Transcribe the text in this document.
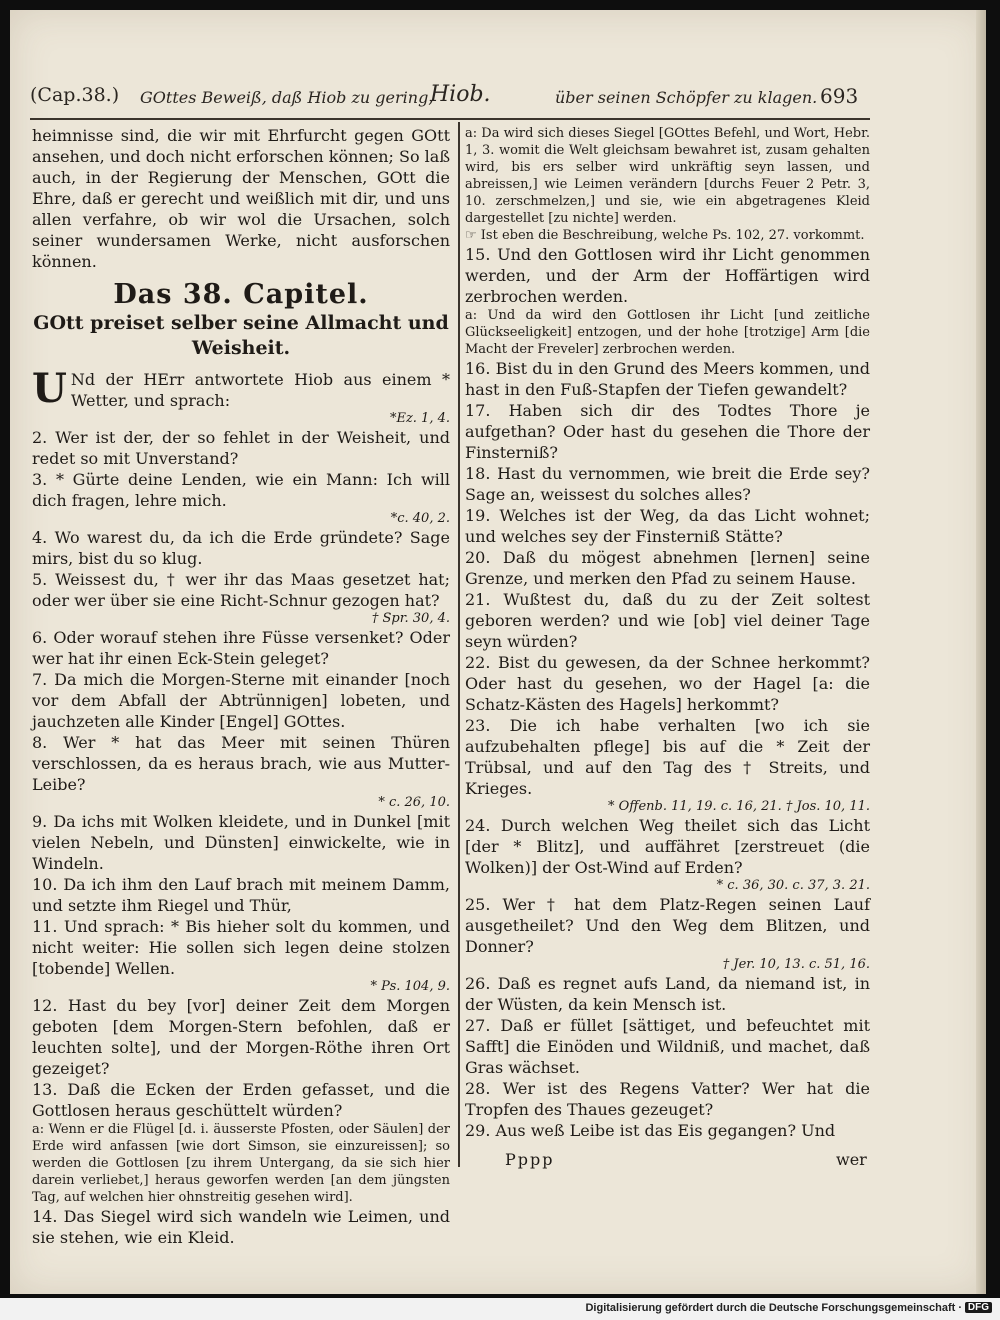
(Cap.38.) GOttes Beweiß, daß Hiob zu gering,
Hiob.	über seinen Schöpfer zu klagen. 693

heimnisse sind, die wir mit Ehrfurcht gegen GOtt ansehen, und doch nicht erforschen können; So laß auch, in der Regierung der Menschen, GOtt die Ehre, daß er gerecht und weißlich mit dir, und uns allen verfahre, ob wir wol die Ursachen, solch seiner wundersamen Werke, nicht ausforschen können.

Das 38. Capitel.
GOtt preiset selber seine Allmacht und Weisheit.

U Nd der HErr antwortete Hiob aus einem * Wetter, und sprach:

*Ez. 1, 4.

2. Wer ist der, der so fehlet in der Weisheit, und redet so mit Unverstand?

3. * Gürte deine Lenden, wie ein Mann: Ich will dich fragen, lehre mich.

*c. 40, 2.

4. Wo warest du, da ich die Erde gründete? Sage mirs, bist du so klug.

5. Weissest du, † wer ihr das Maas gesetzet hat; oder wer über sie eine Richt-Schnur gezogen hat?

† Spr. 30, 4.

6. Oder worauf stehen ihre Füsse versenket? Oder wer hat ihr einen Eck-Stein geleget?

7. Da mich die Morgen-Sterne mit einander [noch vor dem Abfall der Abtrünnigen] lobeten, und jauchzeten alle Kinder [Engel] GOttes.

8. Wer * hat das Meer mit seinen Thüren verschlossen, da es heraus brach, wie aus Mutter-Leibe?

* c. 26, 10.

9. Da ichs mit Wolken kleidete, und in Dunkel [mit vielen Nebeln, und Dünsten] einwickelte, wie in Windeln.

10. Da ich ihm den Lauf brach mit meinem Damm, und setzte ihm Riegel und Thür,

11. Und sprach: * Bis hieher solt du kommen, und nicht weiter: Hie sollen sich legen deine stolzen [tobende] Wellen.

* Ps. 104, 9.

12. Hast du bey [vor] deiner Zeit dem Morgen geboten [dem Morgen-Stern befohlen, daß er leuchten solte], und der Morgen-Röthe ihren Ort gezeiget?

13. Daß die Ecken der Erden gefasset, und die Gottlosen heraus geschüttelt würden?

a: Wenn er die Flügel [d. i. äusserste Pfosten, oder Säulen] der Erde wird anfassen [wie dort Simson, sie einzureissen]; so werden die Gottlosen [zu ihrem Untergang, da sie sich hier darein verliebet,] heraus geworfen werden [an dem jüngsten Tag, auf welchen hier ohnstreitig gesehen wird].

14. Das Siegel wird sich wandeln wie Leimen, und sie stehen, wie ein Kleid.

a: Da wird sich dieses Siegel [GOttes Befehl, und Wort, Hebr. 1, 3. womit die Welt gleichsam bewahret ist, zusam gehalten wird, bis ers selber wird unkräftig seyn lassen, und abreissen,] wie Leimen verändern [durchs Feuer 2 Petr. 3, 10. zerschmelzen,] und sie, wie ein abgetragenes Kleid dargestellet [zu nichte] werden.

☞ Ist eben die Beschreibung, welche Ps. 102, 27. vorkommt.

15. Und den Gottlosen wird ihr Licht genommen werden, und der Arm der Hoffärtigen wird zerbrochen werden.

a: Und da wird den Gottlosen ihr Licht [und zeitliche Glückseeligkeit] entzogen, und der hohe [trotzige] Arm [die Macht der Freveler] zerbrochen werden.

16. Bist du in den Grund des Meers kommen, und hast in den Fuß-Stapfen der Tiefen gewandelt?

17. Haben sich dir des Todtes Thore je aufgethan? Oder hast du gesehen die Thore der Finsterniß?

18. Hast du vernommen, wie breit die Erde sey? Sage an, weissest du solches alles?

19. Welches ist der Weg, da das Licht wohnet; und welches sey der Finsterniß Stätte?

20. Daß du mögest abnehmen [lernen] seine Grenze, und merken den Pfad zu seinem Hause.

21. Wußtest du, daß du zu der Zeit soltest geboren werden? und wie [ob] viel deiner Tage seyn würden?

22. Bist du gewesen, da der Schnee herkommt? Oder hast du gesehen, wo der Hagel [a: die Schatz-Kästen des Hagels] herkommt?

23. Die ich habe verhalten [wo ich sie aufzubehalten pflege] bis auf die * Zeit der Trübsal, und auf den Tag des † Streits, und Krieges.

* Offenb. 11, 19. c. 16, 21. † Jos. 10, 11.

24. Durch welchen Weg theilet sich das Licht [der * Blitz], und auffähret [zerstreuet (die Wolken)] der Ost-Wind auf Erden?

* c. 36, 30. c. 37, 3. 21.

25. Wer † hat dem Platz-Regen seinen Lauf ausgetheilet? Und den Weg dem Blitzen, und Donner?

† Jer. 10, 13. c. 51, 16.

26. Daß es regnet aufs Land, da niemand ist, in der Wüsten, da kein Mensch ist.

27. Daß er füllet [sättiget, und befeuchtet mit Safft] die Einöden und Wildniß, und machet, daß Gras wächset.

28. Wer ist des Regens Vatter? Wer hat die Tropfen des Thaues gezeuget?

29. Aus weß Leibe ist das Eis gegangen? Und

Pppp	wer
Digitalisierung gefördert durch die Deutsche Forschungsgemeinschaft · DFG
